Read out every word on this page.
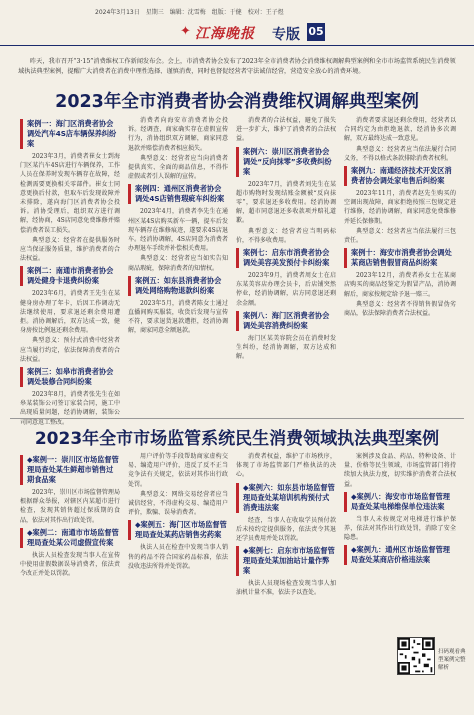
2024年3月13日　星期三　编辑：沈雪梅　组版：于健　校对：王子煜
✦ 江海晚报 专版 05
昨天，我市召开“3·15”消费维权工作新闻发布会。会上，市消费者协会发布了2023年全市消费者协会消费维权调解典型案例和全市市场监管系统民生消费领域执法典型案例，提醒广大消费者在消费中理性选择、谨慎消费，同时也督促经营者守法诚信经营，营造安全放心的消费环境。
2023年全市消费者协会消费维权调解典型案例
案例一：海门区消费者协会调处汽车4S店车辆保养纠纷案

2023年3月，消费者崔女士到海门区某汽车4S店进行车辆保养，工作人员在保养时发现车辆存在故障，经检测需要更换相关零部件。崔女士同意更换后付款，但取车后发现故障并未排除，遂向海门区消费者协会投诉。消协受理后，组织双方进行调解，经协商，4S店同意免费维修并赔偿消费者误工损失。

典型意义：经营者在提供服务时应当保证服务质量，维护消费者的合法权益。

案例二：南通市消费者协会调处健身卡退费纠纷案

2023年6月，消费者王先生在某健身房办理了年卡，后因工作调动无法继续使用，要求退还剩余费用遭拒。消协调解后，双方达成一致，健身房按比例退还剩余费用。

典型意义：预付式消费中经营者应当履行约定，依法保障消费者的合法权益。

案例三：如皋市消费者协会调处装修合同纠纷案

2023年8月，消费者张先生在如皋某装饰公司签订家装合同，施工中出现质量问题，经消协调解，装饰公司同意返工整改。

消费者向海安市消费者协会投诉。经调查，商家确实存在虚假宣传行为，消协组织双方调解，商家同意退款并赔偿消费者相应损失。

典型意义：经营者应当向消费者提供真实、全面的商品信息，不得作虚假或者引人误解的宣传。

案例四：通州区消费者协会调处4S店销售瑕疵车纠纷案

2023年4月，消费者李先生在通州区某4S店购买新车一辆，提车后发现车辆存在维修痕迹，遂要求4S店退车。经消协调解，4S店同意为消费者办理退车手续并补偿相关费用。

典型意义：经营者应当如实告知商品瑕疵，保障消费者的知情权。

案例五：如东县消费者协会调处网络购物退款纠纷案

2023年5月，消费者陈女士通过直播间购买服装，收货后发现与宣传不符，要求退货退款遭拒，经消协调解，商家同意全额退款。

消费者的合法权益，避免了损失进一步扩大，维护了消费者的合法权益。

案例六：崇川区消费者协会调处“反向抹零”多收费纠纷案

2023年7月，消费者刘先生在某超市购物时发现结账金额被“反向抹零”，要求退还多收费用。经消协调解，超市同意退还多收款项并赔礼道歉。

典型意义：经营者应当明码标价，不得多收费用。

案例七：启东市消费者协会调处美容美发预付卡纠纷案

2023年9月，消费者周女士在启东某美容店办理会员卡，后店铺突然停业，经消协调解，店方同意退还剩余金额。

案例八：海门区消费者协会调处美容消费纠纷案

海门区某美容院会员在消费时发生纠纷，经消协调解，双方达成和解。

消费者要求退还剩余费用，经营者以合同约定为由拒绝退款，经消协多次调解，双方最终达成一致意见。

典型意义：经营者应当依法履行合同义务，不得以格式条款排除消费者权利。

案例九：南通经济技术开发区消费者协会调处家电售后纠纷案

2023年11月，消费者赵先生购买的空调出现故障，商家拒绝按照三包规定进行维修，经消协调解，商家同意免费维修并延长保修期。

典型意义：经营者应当依法履行三包责任。

案例十：海安市消费者协会调处某商店销售假冒商品纠纷案

2023年12月，消费者孙女士在某商店购买的商品经鉴定为假冒产品，消协调解后，商家按规定给予退一赔三。

典型意义：经营者不得销售假冒伪劣商品，依法保障消费者合法权益。

2023年全市市场监管系统民生消费领域执法典型案例
◆案例一：崇川区市场监督管理局查处某生鲜超市销售过期食品案

2023年，崇川区市场监督管理局根据群众举报，对辖区内某超市进行检查，发现其销售超过保质期的食品，依法对其作出行政处罚。

◆案例二：南通市市场监督管理局查处某公司虚假宣传案

执法人员检查发现当事人在宣传中使用虚假数据误导消费者，依法责令改正并处以罚款。

用户评价等手段帮助商家虚构交易、编造用户评价，违反了反不正当竞争法有关规定，依法对其作出行政处罚。

典型意义：网络交易经营者应当诚信经营，不得虚构交易、编造用户评价，欺骗、误导消费者。

◆案例五：海门区市场监督管理局查处某药店销售劣药案

执法人员在检查中发现当事人销售的药品不符合国家药品标准，依法没收违法所得并处罚款。

消费者权益，维护了市场秩序，体现了市场监管部门严格执法的决心。

◆案例六：如东县市场监督管理局查处某培训机构预付式消费违法案

经查，当事人在收取学员预付款后未按约定提供服务，依法责令其退还学员费用并处以罚款。

◆案例七：启东市市场监督管理局查处某加油站计量作弊案

执法人员现场检查发现当事人加油机计量不准，依法予以查处。

案例涉及食品、药品、特种设备、计量、价格等民生领域，市场监管部门将持续加大执法力度，切实维护消费者合法权益。

◆案例八：海安市市场监督管理局查处某电梯维保单位违法案

当事人未按规定对电梯进行维护保养，依法对其作出行政处罚，消除了安全隐患。

◆案例九：通州区市场监督管理局查处某商店价格违法案
扫码观看典型案例完整解析
